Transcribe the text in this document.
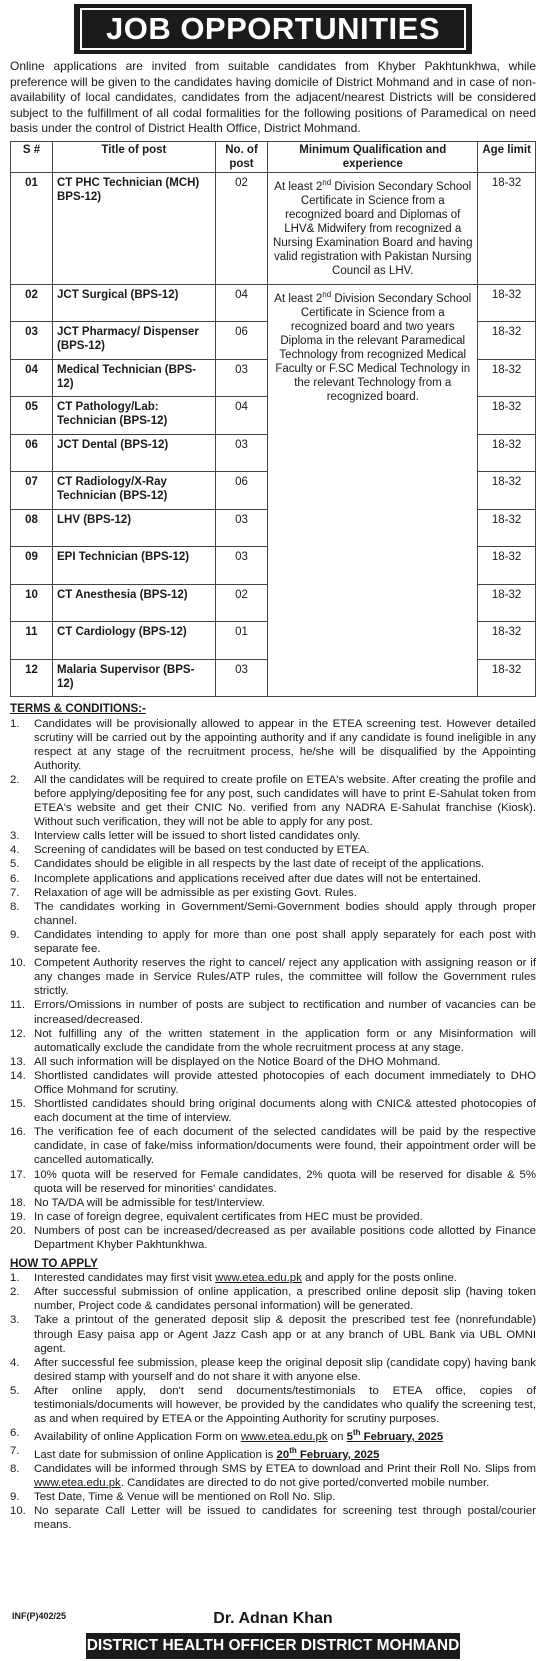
JOB OPPORTUNITIES

Online applications are invited from suitable candidates from Khyber Pakhtunkhwa, while preference will be given to the candidates having domicile of District Mohmand and in case of non-availability of local candidates, candidates from the adjacent/nearest Districts will be considered subject to the fulfillment of all codal formalities for the following positions of Paramedical on need basis under the control of District Health Office, District Mohmand.

S #	Title of post	No. of post	Minimum Qualification and experience	Age limit
01	CT PHC Technician (MCH) BPS-12)	02	At least 2nd Division Secondary School Certificate in Science from a recognized board and Diplomas of LHV& Midwifery from recognized a Nursing Examination Board and having valid registration with Pakistan Nursing Council as LHV.	18-32
02	JCT Surgical (BPS-12)	04	At least 2nd Division Secondary School Certificate in Science from a recognized board and two years Diploma in the relevant Paramedical Technology from recognized Medical Faculty or F.SC Medical Technology in the relevant Technology from a recognized board.	18-32
03	JCT Pharmacy/ Dispenser (BPS-12)	06		18-32
04	Medical Technician (BPS-12)	03		18-32
05	CT Pathology/Lab: Technician (BPS-12)	04		18-32
06	JCT Dental (BPS-12)	03		18-32
07	CT Radiology/X-Ray Technician (BPS-12)	06		18-32
08	LHV (BPS-12)	03		18-32
09	EPI Technician (BPS-12)	03		18-32
10	CT Anesthesia (BPS-12)	02		18-32
11	CT Cardiology (BPS-12)	01		18-32
12	Malaria Supervisor (BPS-12)	03		18-32
TERMS & CONDITIONS:-
1.	Candidates will be provisionally allowed to appear in the ETEA screening test. However detailed scrutiny will be carried out by the appointing authority and if any candidate is found ineligible in any respect at any stage of the recruitment process, he/she will be disqualified by the Appointing Authority.
2.	All the candidates will be required to create profile on ETEA's website. After creating the profile and before applying/depositing fee for any post, such candidates will have to print E-Sahulat token from ETEA's website and get their CNIC No. verified from any NADRA E-Sahulat franchise (Kiosk). Without such verification, they will not be able to apply for any post.
3.	Interview calls letter will be issued to short listed candidates only.
4.	Screening of candidates will be based on test conducted by ETEA.
5.	Candidates should be eligible in all respects by the last date of receipt of the applications.
6.	Incomplete applications and applications received after due dates will not be entertained.
7.	Relaxation of age will be admissible as per existing Govt. Rules.
8.	The candidates working in Government/Semi-Government bodies should apply through proper channel.
9.	Candidates intending to apply for more than one post shall apply separately for each post with separate fee.
10. Competent Authority reserves the right to cancel/ reject any application with assigning reason or if any changes made in Service Rules/ATP rules, the committee will follow the Government rules strictly.
11. Errors/Omissions in number of posts are subject to rectification and number of vacancies can be increased/decreased.
12. Not fulfilling any of the written statement in the application form or any Misinformation will automatically exclude the candidate from the whole recruitment process at any stage.
13. All such information will be displayed on the Notice Board of the DHO Mohmand.
14. Shortlisted candidates will provide attested photocopies of each document immediately to DHO Office Mohmand for scrutiny.
15. Shortlisted candidates should bring original documents along with CNIC& attested photocopies of each document at the time of interview.
16. The verification fee of each document of the selected candidates will be paid by the respective candidate, in case of fake/miss information/documents were found, their appointment order will be cancelled automatically.
17. 10% quota will be reserved for Female candidates, 2% quota will be reserved for disable & 5% quota will be reserved for minorities' candidates.
18. No TA/DA will be admissible for test/Interview.
19. In case of foreign degree, equivalent certificates from HEC must be provided.
20. Numbers of post can be increased/decreased as per available positions code allotted by Finance Department Khyber Pakhtunkhwa.
HOW TO APPLY
1.	Interested candidates may first visit www.etea.edu.pk and apply for the posts online.
2.	After successful submission of online application, a prescribed online deposit slip (having token number, Project code & candidates personal information) will be generated.
3.	Take a printout of the generated deposit slip & deposit the prescribed test fee (nonrefundable) through Easy paisa app or Agent Jazz Cash app or at any branch of UBL Bank via UBL OMNI agent.
4.	After successful fee submission, please keep the original deposit slip (candidate copy) having bank desired stamp with yourself and do not share it with anyone else.
5.	After online apply, don't send documents/testimonials to ETEA office, copies of testimonials/documents will however, be provided by the candidates who qualify the screening test, as and when required by ETEA or the Appointing Authority for scrutiny purposes.
6.	Availability of online Application Form on www.etea.edu.pk on 5th February, 2025
7.	Last date for submission of online Application is 20th February, 2025
8.	Candidates will be informed through SMS by ETEA to download and Print their Roll No. Slips from www.etea.edu.pk. Candidates are directed to do not give ported/converted mobile number.
9.	Test Date, Time & Venue will be mentioned on Roll No. Slip.
10. No separate Call Letter will be issued to candidates for screening test through postal/courier means.
INF(P)402/25	Dr. Adnan Khan
DISTRICT HEALTH OFFICER DISTRICT MOHMAND
